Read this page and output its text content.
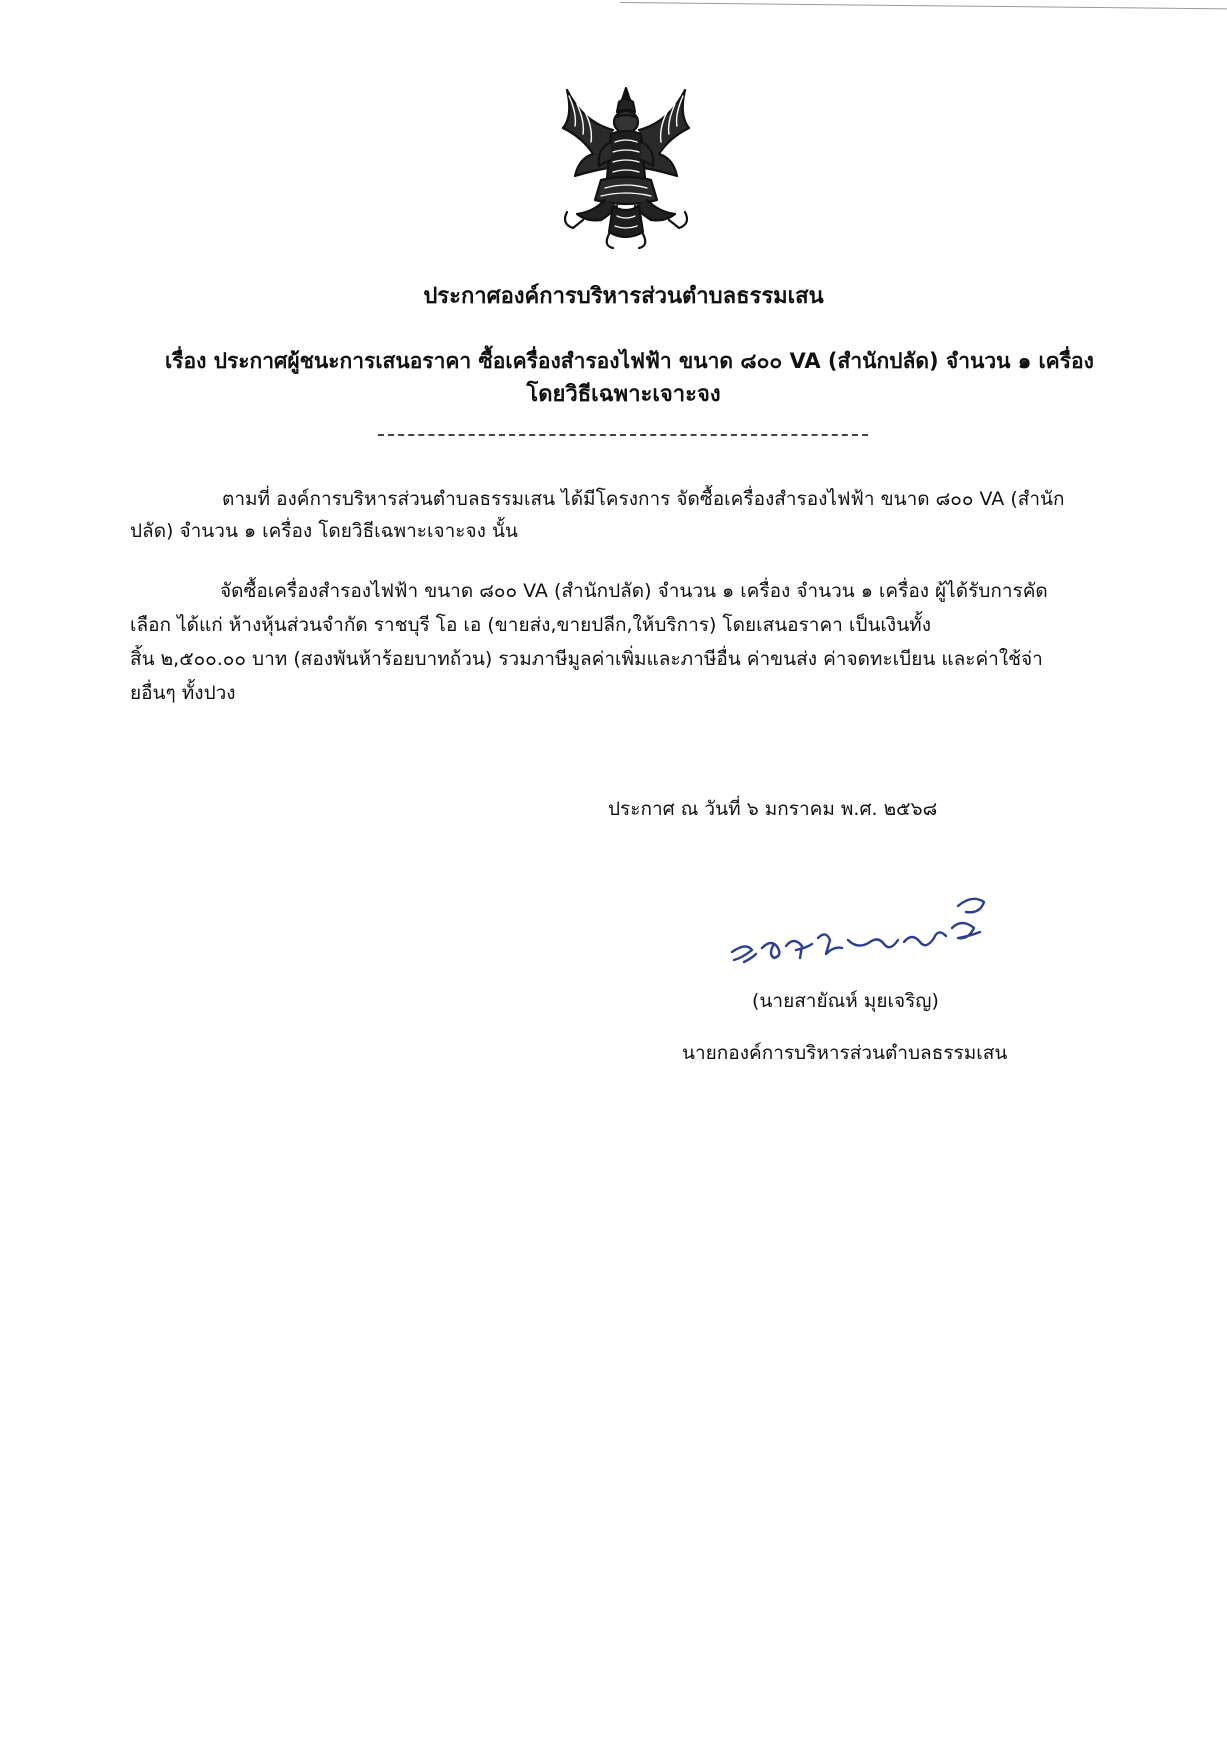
ประกาศองค์การบริหารส่วนตำบลธรรมเสน
เรื่อง ประกาศผู้ชนะการเสนอราคา ซื้อเครื่องสำรองไฟฟ้า ขนาด ๘๐๐ VA (สำนักปลัด) จำนวน ๑ เครื่อง
โดยวิธีเฉพาะเจาะจง
ตามที่ องค์การบริหารส่วนตำบลธรรมเสน ได้มีโครงการ จัดซื้อเครื่องสำรองไฟฟ้า ขนาด ๘๐๐ VA (สำนัก
ปลัด) จำนวน ๑ เครื่อง โดยวิธีเฉพาะเจาะจง นั้น
จัดซื้อเครื่องสำรองไฟฟ้า ขนาด ๘๐๐ VA (สำนักปลัด) จำนวน ๑ เครื่อง จำนวน ๑ เครื่อง ผู้ได้รับการคัด
เลือก ได้แก่ ห้างหุ้นส่วนจำกัด ราชบุรี โอ เอ (ขายส่ง,ขายปลีก,ให้บริการ) โดยเสนอราคา เป็นเงินทั้ง
สิ้น ๒,๕๐๐.๐๐ บาท (สองพันห้าร้อยบาทถ้วน) รวมภาษีมูลค่าเพิ่มและภาษีอื่น ค่าขนส่ง ค่าจดทะเบียน และค่าใช้จ่า
ยอื่นๆ ทั้งปวง
ประกาศ ณ วันที่ ๖ มกราคม พ.ศ. ๒๕๖๘
(นายสายัณห์ มุยเจริญ)
นายกองค์การบริหารส่วนตำบลธรรมเสน
